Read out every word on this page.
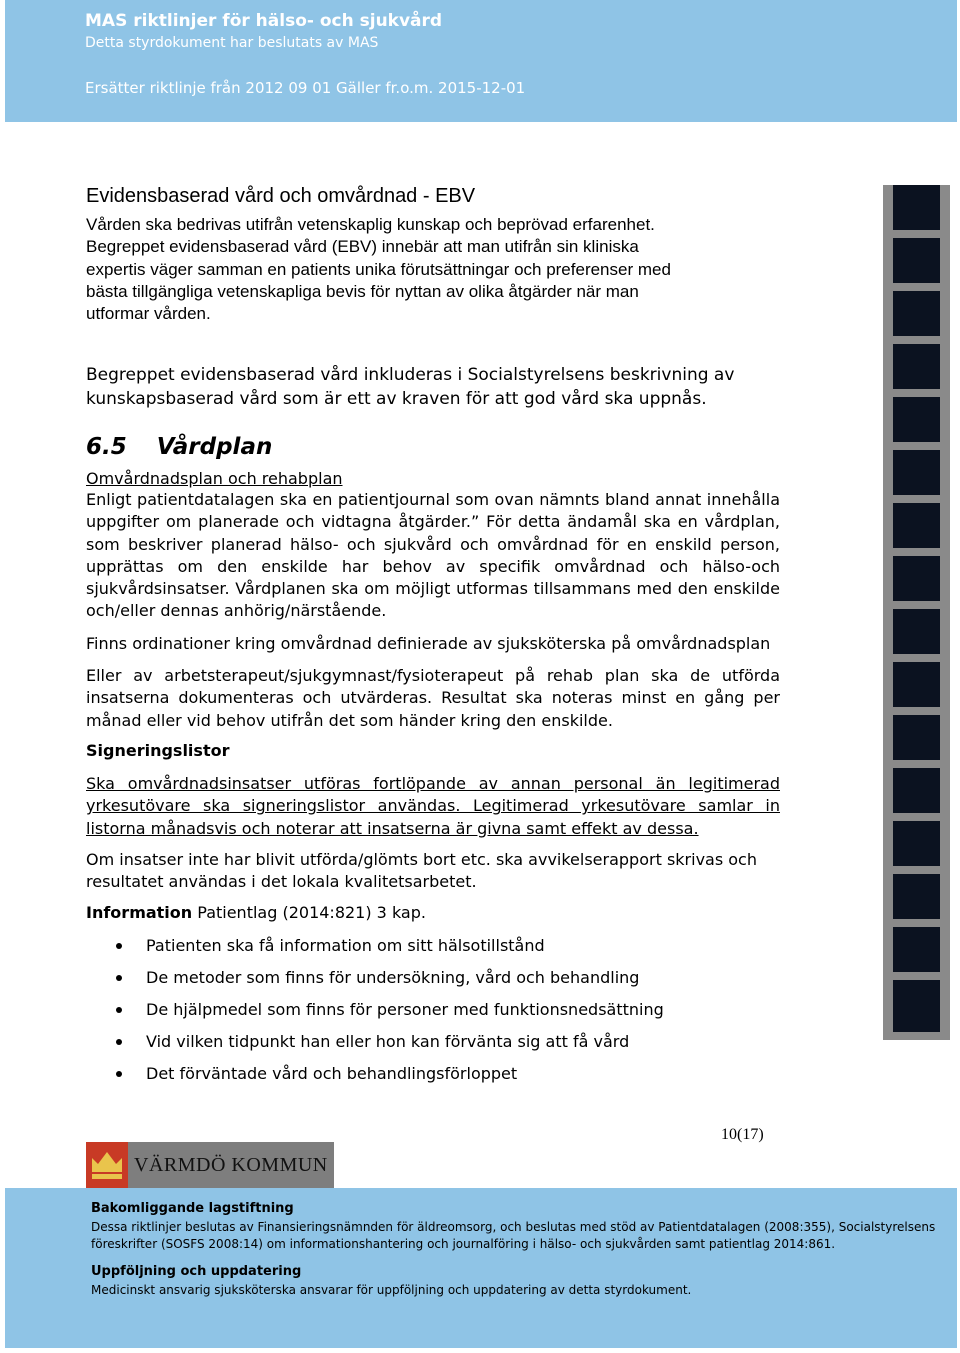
MAS riktlinjer för hälso- och sjukvård
Detta styrdokument har beslutats av MAS
Ersätter riktlinje från 2012 09 01 Gäller fr.o.m. 2015-12-01
Evidensbaserad vård och omvårdnad - EBV
Vården ska bedrivas utifrån vetenskaplig kunskap och beprövad erfarenhet.
Begreppet evidensbaserad vård (EBV) innebär att man utifrån sin kliniska
expertis väger samman en patients unika förutsättningar och preferenser med
bästa tillgängliga vetenskapliga bevis för nyttan av olika åtgärder när man
utformar vården.
Begreppet evidensbaserad vård inkluderas i Socialstyrelsens beskrivning av
kunskapsbaserad vård som är ett av kraven för att god vård ska uppnås.
6.5 Vårdplan
Omvårdnadsplan och rehabplan
Enligt patientdatalagen ska en patientjournal som ovan nämnts bland annat innehålla
uppgifter om planerade och vidtagna åtgärder.” För detta ändamål ska en vårdplan,
som beskriver planerad hälso- och sjukvård och omvårdnad för en enskild person,
upprättas om den enskilde har behov av specifik omvårdnad och hälso-och
sjukvårdsinsatser. Vårdplanen ska om möjligt utformas tillsammans med den enskilde
och/eller dennas anhörig/närstående.
Finns ordinationer kring omvårdnad definierade av sjuksköterska på omvårdnadsplan
Eller av arbetsterapeut/sjukgymnast/fysioterapeut på rehab plan ska de utförda
insatserna dokumenteras och utvärderas. Resultat ska noteras minst en gång per
månad eller vid behov utifrån det som händer kring den enskilde.
Signeringslistor
Ska omvårdnadsinsatser utföras fortlöpande av annan personal än legitimerad
yrkesutövare ska signeringslistor användas. Legitimerad yrkesutövare samlar in
listorna månadsvis och noterar att insatserna är givna samt effekt av dessa.
Om insatser inte har blivit utförda/glömts bort etc. ska avvikelserapport skrivas och
resultatet användas i det lokala kvalitetsarbetet.
Information Patientlag (2014:821) 3 kap.
Patienten ska få information om sitt hälsotillstånd
De metoder som finns för undersökning, vård och behandling
De hjälpmedel som finns för personer med funktionsnedsättning
Vid vilken tidpunkt han eller hon kan förvänta sig att få vård
Det förväntade vård och behandlingsförloppet
10(17)
VÄRMDÖ KOMMUN
Bakomliggande lagstiftning
Dessa riktlinjer beslutas av Finansieringsnämnden för äldreomsorg, och beslutas med stöd av Patientdatalagen (2008:355), Socialstyrelsens
föreskrifter (SOSFS 2008:14) om informationshantering och journalföring i hälso- och sjukvården samt patientlag 2014:861.
Uppföljning och uppdatering
Medicinskt ansvarig sjuksköterska ansvarar för uppföljning och uppdatering av detta styrdokument.
